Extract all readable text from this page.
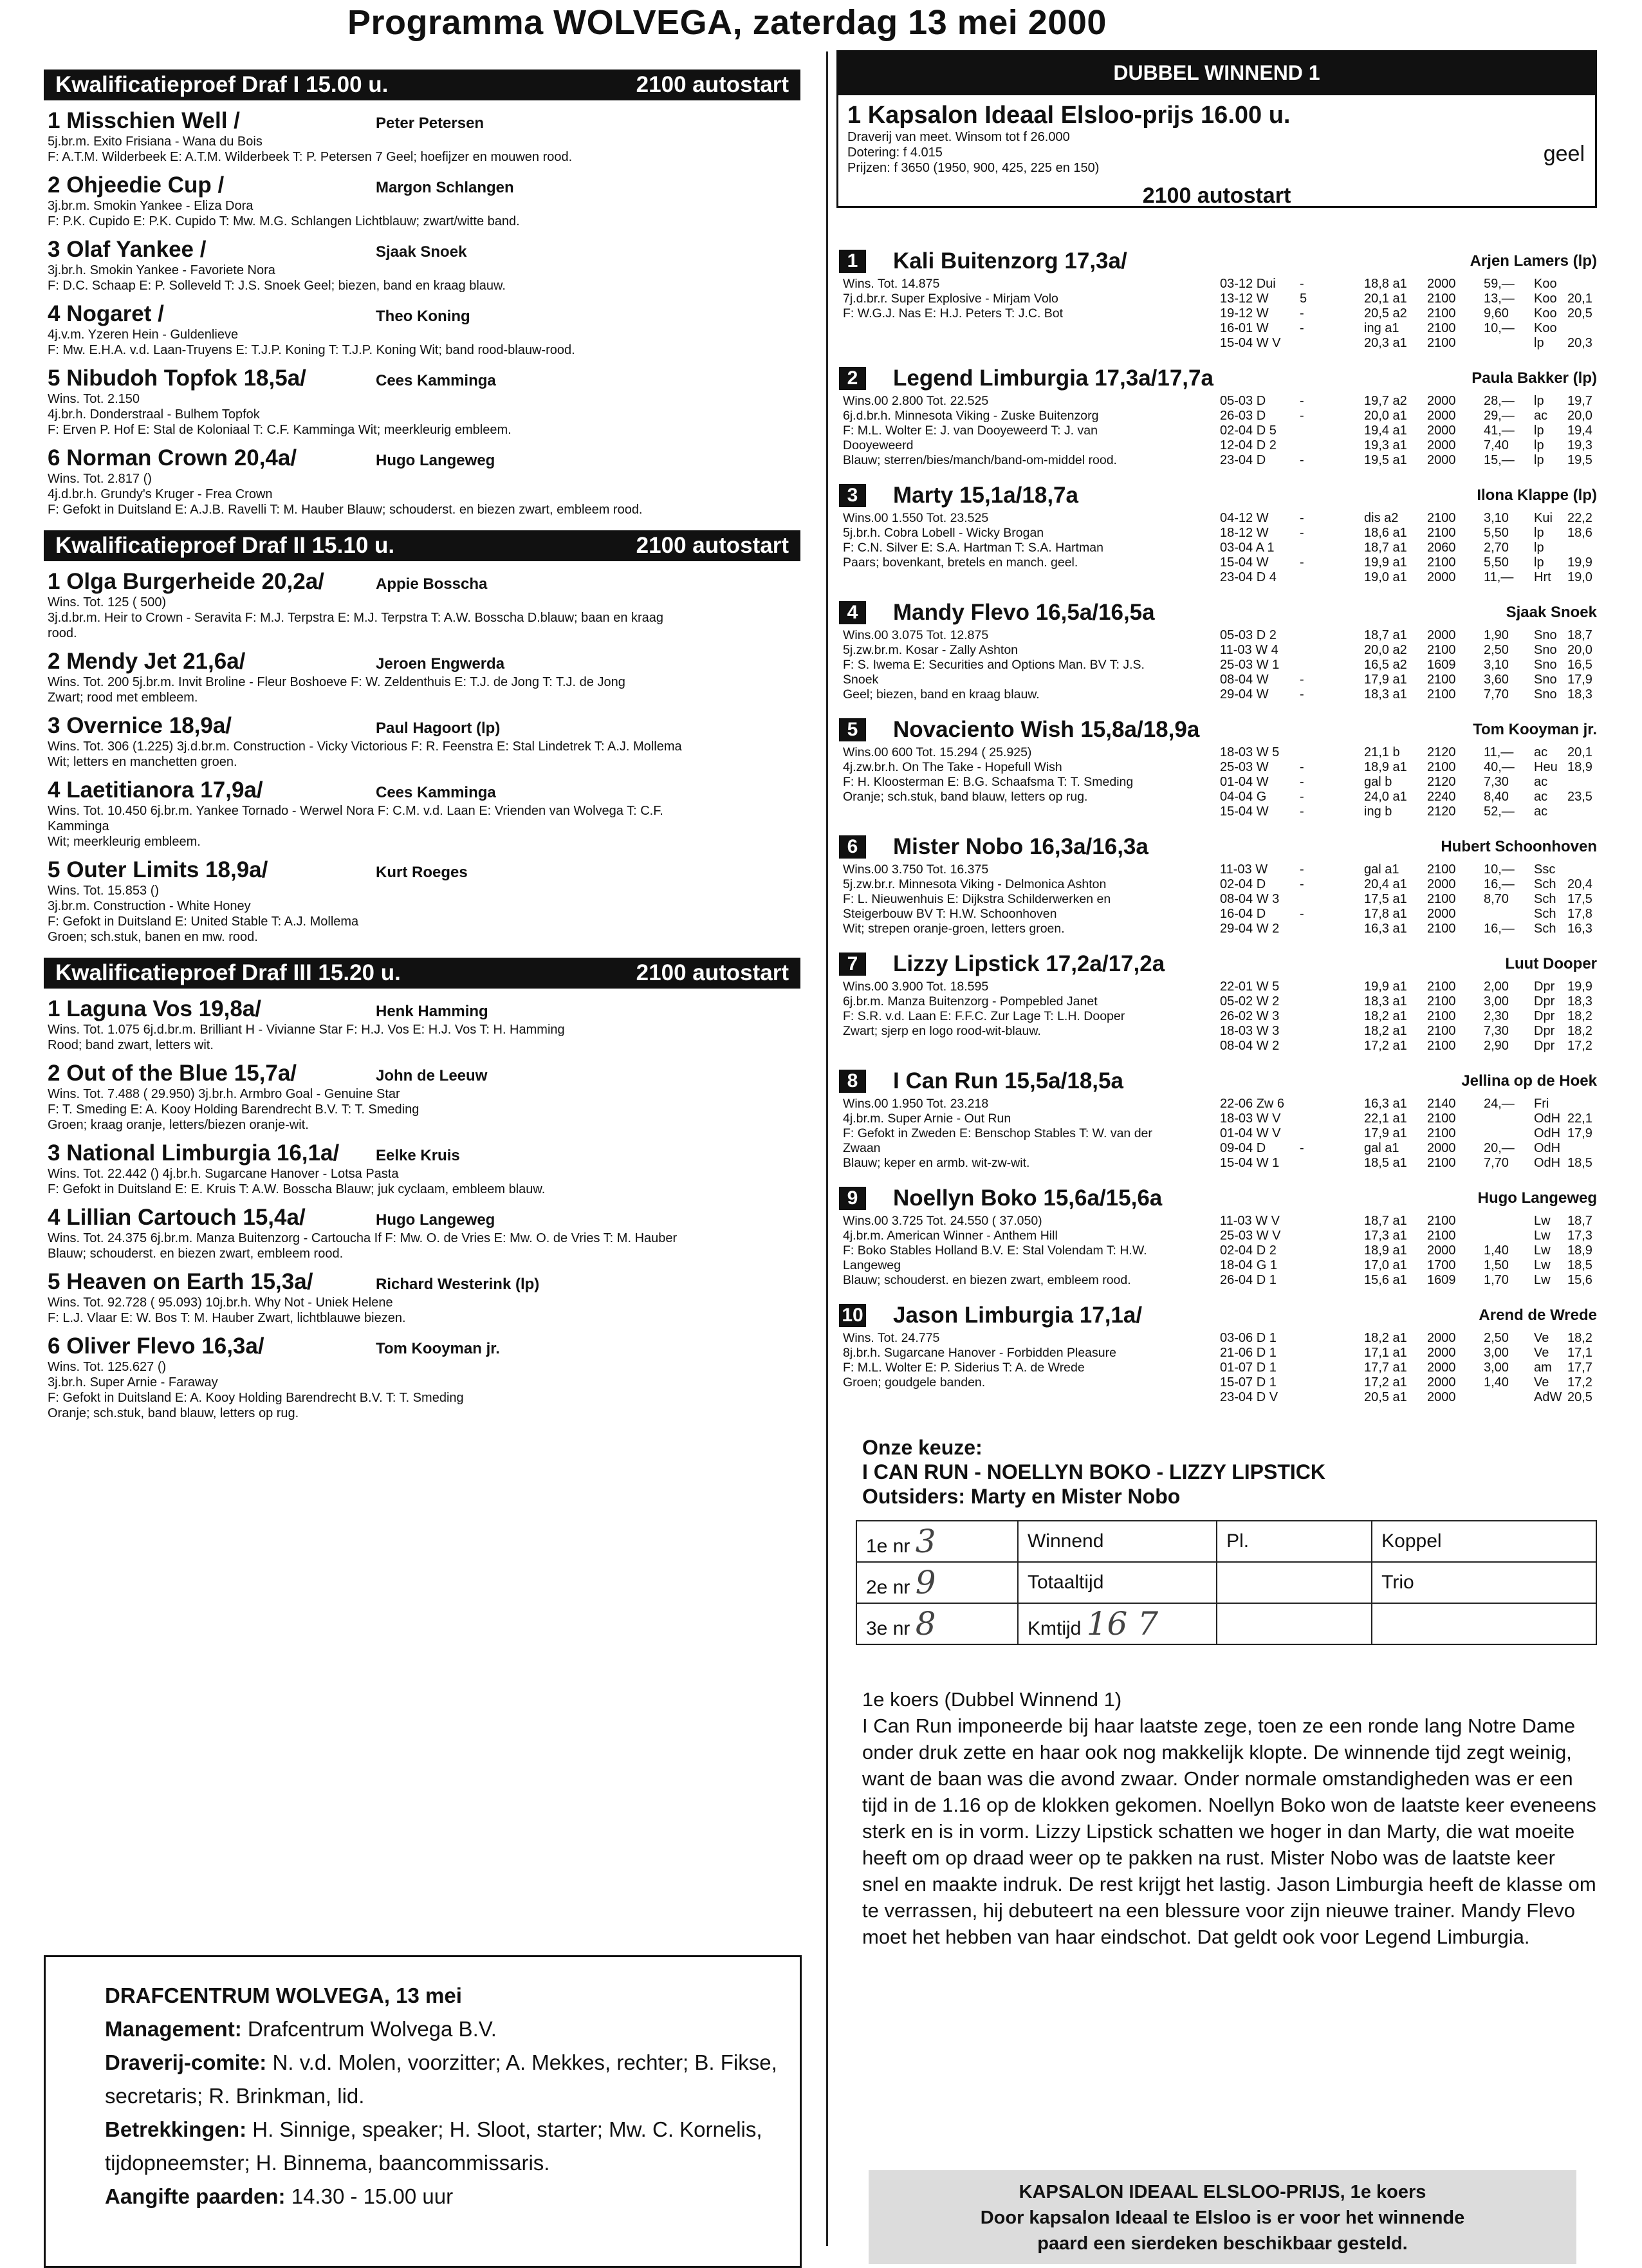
Programma WOLVEGA, zaterdag 13 mei 2000
Kwalificatieproef Draf I 15.00 u.	2100 autostart
1 Misschien Well /	Peter Petersen
5j.br.m. Exito Frisiana - Wana du Bois
F: A.T.M. Wilderbeek E: A.T.M. Wilderbeek T: P. Petersen 7 Geel; hoefijzer en mouwen rood.
2 Ohjeedie Cup /	Margon Schlangen
3j.br.m. Smokin Yankee - Eliza Dora
F: P.K. Cupido E: P.K. Cupido T: Mw. M.G. Schlangen Lichtblauw; zwart/witte band.
3 Olaf Yankee /	Sjaak Snoek
3j.br.h. Smokin Yankee - Favoriete Nora
F: D.C. Schaap E: P. Solleveld T: J.S. Snoek Geel; biezen, band en kraag blauw.
4 Nogaret /	Theo Koning
4j.v.m. Yzeren Hein - Guldenlieve
F: Mw. E.H.A. v.d. Laan-Truyens E: T.J.P. Koning T: T.J.P. Koning Wit; band rood-blauw-rood.
5 Nibudoh Topfok 18,5a/	Cees Kamminga
Wins. Tot. 2.150
4j.br.h. Donderstraal - Bulhem Topfok
F: Erven P. Hof E: Stal de Koloniaal T: C.F. Kamminga Wit; meerkleurig embleem.
6 Norman Crown 20,4a/	Hugo Langeweg
Wins. Tot. 2.817 ()
4j.d.br.h. Grundy's Kruger - Frea Crown
F: Gefokt in Duitsland E: A.J.B. Ravelli T: M. Hauber Blauw; schouderst. en biezen zwart, embleem rood.
Kwalificatieproef Draf II 15.10 u.	2100 autostart
1 Olga Burgerheide 20,2a/	Appie Bosscha
Wins. Tot. 125 ( 500)
3j.d.br.m. Heir to Crown - Seravita F: M.J. Terpstra E: M.J. Terpstra T: A.W. Bosscha D.blauw; baan en kraag
rood.
2 Mendy Jet 21,6a/	Jeroen Engwerda
Wins. Tot. 200 5j.br.m. Invit Broline - Fleur Boshoeve F: W. Zeldenthuis E: T.J. de Jong T: T.J. de Jong
Zwart; rood met embleem.
3 Overnice 18,9a/	Paul Hagoort (lp)
Wins. Tot. 306 (1.225) 3j.d.br.m. Construction - Vicky Victorious F: R. Feenstra E: Stal Lindetrek T: A.J. Mollema
Wit; letters en manchetten groen.
4 Laetitianora 17,9a/	Cees Kamminga
Wins. Tot. 10.450 6j.br.m. Yankee Tornado - Werwel Nora F: C.M. v.d. Laan E: Vrienden van Wolvega T: C.F.
Kamminga
Wit; meerkleurig embleem.
5 Outer Limits 18,9a/	Kurt Roeges
Wins. Tot. 15.853 ()
3j.br.m. Construction - White Honey
F: Gefokt in Duitsland E: United Stable T: A.J. Mollema
Groen; sch.stuk, banen en mw. rood.
Kwalificatieproef Draf III 15.20 u.	2100 autostart
1 Laguna Vos 19,8a/	Henk Hamming
Wins. Tot. 1.075 6j.d.br.m. Brilliant H - Vivianne Star F: H.J. Vos E: H.J. Vos T: H. Hamming
Rood; band zwart, letters wit.
2 Out of the Blue 15,7a/	John de Leeuw
Wins. Tot. 7.488 ( 29.950) 3j.br.h. Armbro Goal - Genuine Star
F: T. Smeding E: A. Kooy Holding Barendrecht B.V. T: T. Smeding
Groen; kraag oranje, letters/biezen oranje-wit.
3 National Limburgia 16,1a/	Eelke Kruis
Wins. Tot. 22.442 () 4j.br.h. Sugarcane Hanover - Lotsa Pasta
F: Gefokt in Duitsland E: E. Kruis T: A.W. Bosscha Blauw; juk cyclaam, embleem blauw.
4 Lillian Cartouch 15,4a/	Hugo Langeweg
Wins. Tot. 24.375 6j.br.m. Manza Buitenzorg - Cartoucha If F: Mw. O. de Vries E: Mw. O. de Vries T: M. Hauber
Blauw; schouderst. en biezen zwart, embleem rood.
5 Heaven on Earth 15,3a/	Richard Westerink (lp)
Wins. Tot. 92.728 ( 95.093) 10j.br.h. Why Not - Uniek Helene
F: L.J. Vlaar E: W. Bos T: M. Hauber Zwart, lichtblauwe biezen.
6 Oliver Flevo 16,3a/	Tom Kooyman jr.
Wins. Tot. 125.627 ()
3j.br.h. Super Arnie - Faraway
F: Gefokt in Duitsland E: A. Kooy Holding Barendrecht B.V. T: T. Smeding
Oranje; sch.stuk, band blauw, letters op rug.
DUBBEL WINNEND 1
1 Kapsalon Ideaal Elsloo-prijs 16.00 u.
Draverij van meet. Winsom tot f 26.000
Dotering: f 4.015
Prijzen: f 3650 (1950, 900, 425, 225 en 150)
geel
2100 autostart
1	Kali Buitenzorg 17,3a/	Arjen Lamers (lp)
Wins. Tot. 14.875
7j.d.br.r. Super Explosive - Mirjam Volo
F: W.G.J. Nas E: H.J. Peters T: J.C. Bot
03-12 Dui -	18,8 a1 2000 59,— Koo
13-12 W 5	20,1 a1 2100 13,— Koo 20,1
19-12 W -	20,5 a2 2100 9,60 Koo 20,5
16-01 W -	ing a1 2100 10,— Koo
15-04 W V	20,3 a1 2100	lp 20,3
2	Legend Limburgia 17,3a/17,7a	Paula Bakker (lp)
Wins.00 2.800 Tot. 22.525
6j.d.br.h. Minnesota Viking - Zuske Buitenzorg
F: M.L. Wolter E: J. van Dooyeweerd T: J. van
Dooyeweerd
Blauw; sterren/bies/manch/band-om-middel rood.
05-03 D	-	19,7 a2 2000 28,— lp 19,7
26-03 D	-	20,0 a1 2000 29,— ac 20,0
02-04 D 5	19,4 a1 2000 41,— lp 19,4
12-04 D 2	19,3 a1 2000 7,40 lp 19,3
23-04 D	-	19,5 a1 2000 15,— lp 19,5
3	Marty 15,1a/18,7a	Ilona Klappe (lp)
Wins.00 1.550 Tot. 23.525
5j.br.h. Cobra Lobell - Wicky Brogan
F: C.N. Silver E: S.A. Hartman T: S.A. Hartman
Paars; bovenkant, bretels en manch. geel.
04-12 W -	dis a2 2100 3,10 Kui 22,2
18-12 W -	18,6 a1 2100 5,50 lp 18,6
03-04 A 1	18,7 a1 2060 2,70 lp
15-04 W -	19,9 a1 2100 5,50 lp 19,9
23-04 D 4	19,0 a1 2000 11,— Hrt 19,0
4	Mandy Flevo 16,5a/16,5a	Sjaak Snoek
Wins.00 3.075 Tot. 12.875
5j.zw.br.m. Kosar - Zally Ashton
F: S. Iwema E: Securities and Options Man. BV T: J.S.
Snoek
Geel; biezen, band en kraag blauw.
05-03 D 2	18,7 a1 2000 1,90 Sno 18,7
11-03 W 4	20,0 a2 2100 2,50 Sno 20,0
25-03 W 1	16,5 a2 1609 3,10 Sno 16,5
08-04 W -	17,9 a1 2100 3,60 Sno 17,9
29-04 W -	18,3 a1 2100 7,70 Sno 18,3
5	Novaciento Wish 15,8a/18,9a	Tom Kooyman jr.
Wins.00 600 Tot. 15.294 ( 25.925)
4j.zw.br.h. On The Take - Hopefull Wish
F: H. Kloosterman E: B.G. Schaafsma T: T. Smeding
Oranje; sch.stuk, band blauw, letters op rug.
18-03 W 5	21,1 b 2120 11,— ac 20,1
25-03 W -	18,9 a1 2100 40,— Heu 18,9
01-04 W -	gal b	2120 7,30 ac
04-04 G	-	24,0 a1 2240 8,40 ac 23,5
15-04 W -	ing b	2120 52,— ac
6	Mister Nobo 16,3a/16,3a	Hubert Schoonhoven
Wins.00 3.750 Tot. 16.375
5j.zw.br.r. Minnesota Viking - Delmonica Ashton
F: L. Nieuwenhuis E: Dijkstra Schilderwerken en
Steigerbouw BV T: H.W. Schoonhoven
Wit; strepen oranje-groen, letters groen.
11-03 W -	gal a1 2100 10,— Ssc
02-04 D	-	20,4 a1 2000 16,— Sch 20,4
08-04 W 3	17,5 a1 2100 8,70 Sch 17,5
16-04 D	-	17,8 a1 2000	Sch 17,8
29-04 W 2	16,3 a1 2100 16,— Sch 16,3
7	Lizzy Lipstick 17,2a/17,2a	Luut Dooper
Wins.00 3.900 Tot. 18.595
6j.br.m. Manza Buitenzorg - Pompebled Janet
F: S.R. v.d. Laan E: F.F.C. Zur Lage T: L.H. Dooper
Zwart; sjerp en logo rood-wit-blauw.
22-01 W 5	19,9 a1 2100 2,00 Dpr 19,9
05-02 W 2	18,3 a1 2100 3,00 Dpr 18,3
26-02 W 3	18,2 a1 2100 2,30 Dpr 18,2
18-03 W 3	18,2 a1 2100 7,30 Dpr 18,2
08-04 W 2	17,2 a1 2100 2,90 Dpr 17,2
8	I Can Run 15,5a/18,5a	Jellina op de Hoek
Wins.00 1.950 Tot. 23.218
4j.br.m. Super Arnie - Out Run
F: Gefokt in Zweden E: Benschop Stables T: W. van der
Zwaan
Blauw; keper en armb. wit-zw-wit.
22-06 Zw 6	16,3 a1 2140 24,— Fri
18-03 W V	22,1 a1 2100	OdH 22,1
01-04 W V	17,9 a1 2100	OdH 17,9
09-04 D	-	gal a1 2000 20,— OdH
15-04 W 1	18,5 a1 2100 7,70 OdH 18,5
9	Noellyn Boko 15,6a/15,6a	Hugo Langeweg
Wins.00 3.725 Tot. 24.550 ( 37.050)
4j.br.m. American Winner - Anthem Hill
F: Boko Stables Holland B.V. E: Stal Volendam T: H.W.
Langeweg
Blauw; schouderst. en biezen zwart, embleem rood.
11-03 W V	18,7 a1 2100	Lw 18,7
25-03 W V	17,3 a1 2100	Lw 17,3
02-04 D 2	18,9 a1 2000 1,40 Lw 18,9
18-04 G 1	17,0 a1 1700 1,50 Lw 18,5
26-04 D 1	15,6 a1 1609 1,70 Lw 15,6
10 Jason Limburgia 17,1a/	Arend de Wrede
Wins. Tot. 24.775
8j.br.h. Sugarcane Hanover - Forbidden Pleasure
F: M.L. Wolter E: P. Siderius T: A. de Wrede
Groen; goudgele banden.
03-06 D 1	18,2 a1 2000 2,50 Ve 18,2
21-06 D 1	17,1 a1 2000 3,00 Ve 17,1
01-07 D 1	17,7 a1 2000 3,00 am 17,7
15-07 D 1	17,2 a1 2000 1,40 Ve 17,2
23-04 D V	20,5 a1 2000	AdW 20,5
Onze keuze:
I CAN RUN - NOELLYN BOKO - LIZZY LIPSTICK
Outsiders: Marty en Mister Nobo
1e nr 3	Winnend	Pl.	Koppel
2e nr 9	Totaaltijd		Trio
3e nr 8	Kmtijd 16 7		
1e koers (Dubbel Winnend 1)
I Can Run imponeerde bij haar laatste zege, toen ze een ronde lang Notre Dame onder druk zette en haar ook nog makkelijk klopte. De winnende tijd zegt weinig, want de baan was die avond zwaar. Onder normale omstandigheden was er een tijd in de 1.16 op de klokken gekomen. Noellyn Boko won de laatste keer eveneens sterk en is in vorm. Lizzy Lipstick schatten we hoger in dan Marty, die wat moeite heeft om op draad weer op te pakken na rust. Mister Nobo was de laatste keer snel en maakte indruk. De rest krijgt het lastig. Jason Limburgia heeft de klasse om te verrassen, hij debuteert na een blessure voor zijn nieuwe trainer. Mandy Flevo moet het hebben van haar eindschot. Dat geldt ook voor Legend Limburgia.
DRAFCENTRUM WOLVEGA, 13 mei
Management: Drafcentrum Wolvega B.V.
Draverij-comite: N. v.d. Molen, voorzitter; A. Mekkes, rechter; B. Fikse, secretaris; R. Brinkman, lid.
Betrekkingen: H. Sinnige, speaker; H. Sloot, starter; Mw. C. Kornelis, tijdopneemster; H. Binnema, baancommissaris.
Aangifte paarden: 14.30 - 15.00 uur	KAPSALON IDEAAL ELSLOO-PRIJS, 1e koers
Door kapsalon Ideaal te Elsloo is er voor het winnende
paard een sierdeken beschikbaar gesteld.
